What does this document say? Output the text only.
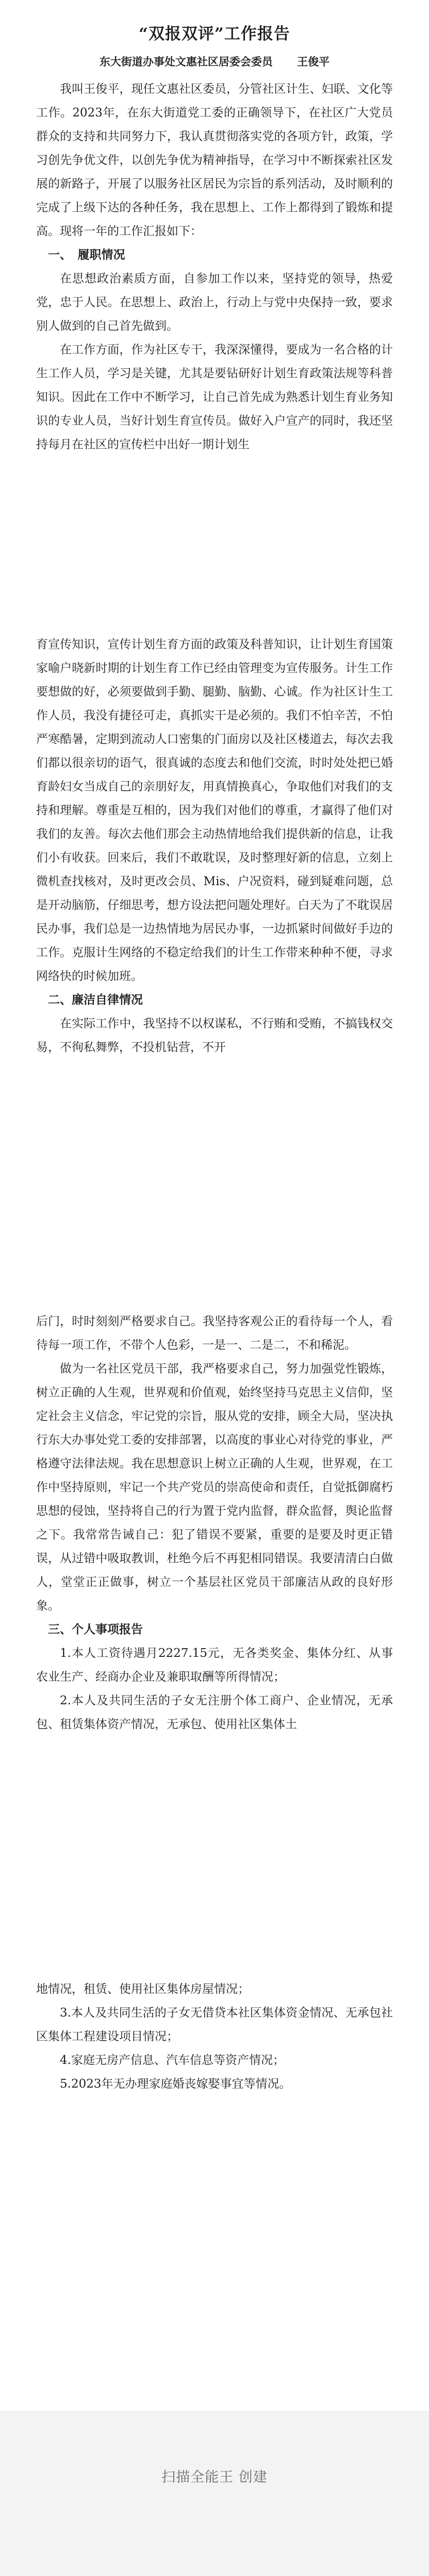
“双报双评”工作报告
东大街道办事处文惠社区居委会委员 王俊平

我叫王俊平，现任文惠社区委员，分管社区计生、妇联、文化等工作。2023年，在东大街道党工委的正确领导下，在社区广大党员群众的支持和共同努力下，我认真贯彻落实党的各项方针，政策，学习创先争优文件，以创先争优为精神指导，在学习中不断探索社区发展的新路子，开展了以服务社区居民为宗旨的系列活动，及时顺利的完成了上级下达的各种任务，我在思想上、工作上都得到了锻炼和提高。现将一年的工作汇报如下：

一、　履职情况

在思想政治素质方面，自参加工作以来，坚持党的领导，热爱党，忠于人民。在思想上、政治上，行动上与党中央保持一致，要求别人做到的自己首先做到。

在工作方面，作为社区专干，我深深懂得，要成为一名合格的计生工作人员，学习是关键，尤其是要钻研好计划生育政策法规等科普知识。因此在工作中不断学习，让自己首先成为熟悉计划生育业务知识的专业人员，当好计划生育宣传员。做好入户宣产的同时，我还坚持每月在社区的宣传栏中出好一期计划生

育宣传知识，宣传计划生育方面的政策及科普知识，让计划生育国策家喻户晓新时期的计划生育工作已经由管理变为宣传服务。计生工作要想做的好，必须要做到手勤、腿勤、脑勤、心诚。作为社区计生工作人员，我没有捷径可走，真抓实干是必须的。我们不怕辛苦，不怕严寒酷暑，定期到流动人口密集的门面房以及社区楼道去，每次去我们都以很亲切的语气，很真诚的态度去和他们交流，时时处处把已婚育龄妇女当成自己的亲朋好友，用真情换真心，争取他们对我们的支持和理解。尊重是互相的，因为我们对他们的尊重，才赢得了他们对我们的友善。每次去他们那会主动热情地给我们提供新的信息，让我们小有收获。回来后，我们不敢耽误，及时整理好新的信息，立刻上微机查找核对，及时更改会员、Mis、户况资料，碰到疑难问题，总是开动脑筋，仔细思考，想方设法把问题处理好。白天为了不耽误居民办事，我们总是一边热情地为居民办事，一边抓紧时间做好手边的工作。克服计生网络的不稳定给我们的计生工作带来种种不便，寻求网络快的时候加班。

二、廉洁自律情况

在实际工作中，我坚持不以权谋私，不行贿和受贿，不搞钱权交易，不徇私舞弊，不投机钻营，不开

后门，时时刻刻严格要求自己。我坚持客观公正的看待每一个人，看待每一项工作，不带个人色彩，一是一、二是二，不和稀泥。

做为一名社区党员干部，我严格要求自己，努力加强党性锻炼，树立正确的人生观，世界观和价值观，始终坚持马克思主义信仰，坚定社会主义信念，牢记党的宗旨，服从党的安排，顾全大局，坚决执行东大办事处党工委的安排部署，以高度的事业心对待党的事业，严格遵守法律法规。我在思想意识上树立正确的人生观，世界观，在工作中坚持原则，牢记一个共产党员的崇高使命和责任，自觉抵御腐朽思想的侵蚀，坚持将自己的行为置于党内监督，群众监督，舆论监督之下。我常常告诫自己：犯了错误不要紧，重要的是要及时更正错误，从过错中吸取教训，杜绝今后不再犯相同错误。我要清清白白做人，堂堂正正做事，树立一个基层社区党员干部廉洁从政的良好形象。

三、个人事项报告

1.本人工资待遇月2227.15元，无各类奖金、集体分红、从事农业生产、经商办企业及兼职取酬等所得情况；

2.本人及共同生活的子女无注册个体工商户、企业情况，无承包、租赁集体资产情况，无承包、使用社区集体土

地情况，租赁、使用社区集体房屋情况；

3.本人及共同生活的子女无借贷本社区集体资金情况、无承包社区集体工程建设项目情况；

4.家庭无房产信息、汽车信息等资产情况；

5.2023年无办理家庭婚丧嫁娶事宜等情况。

扫描全能王 创建
